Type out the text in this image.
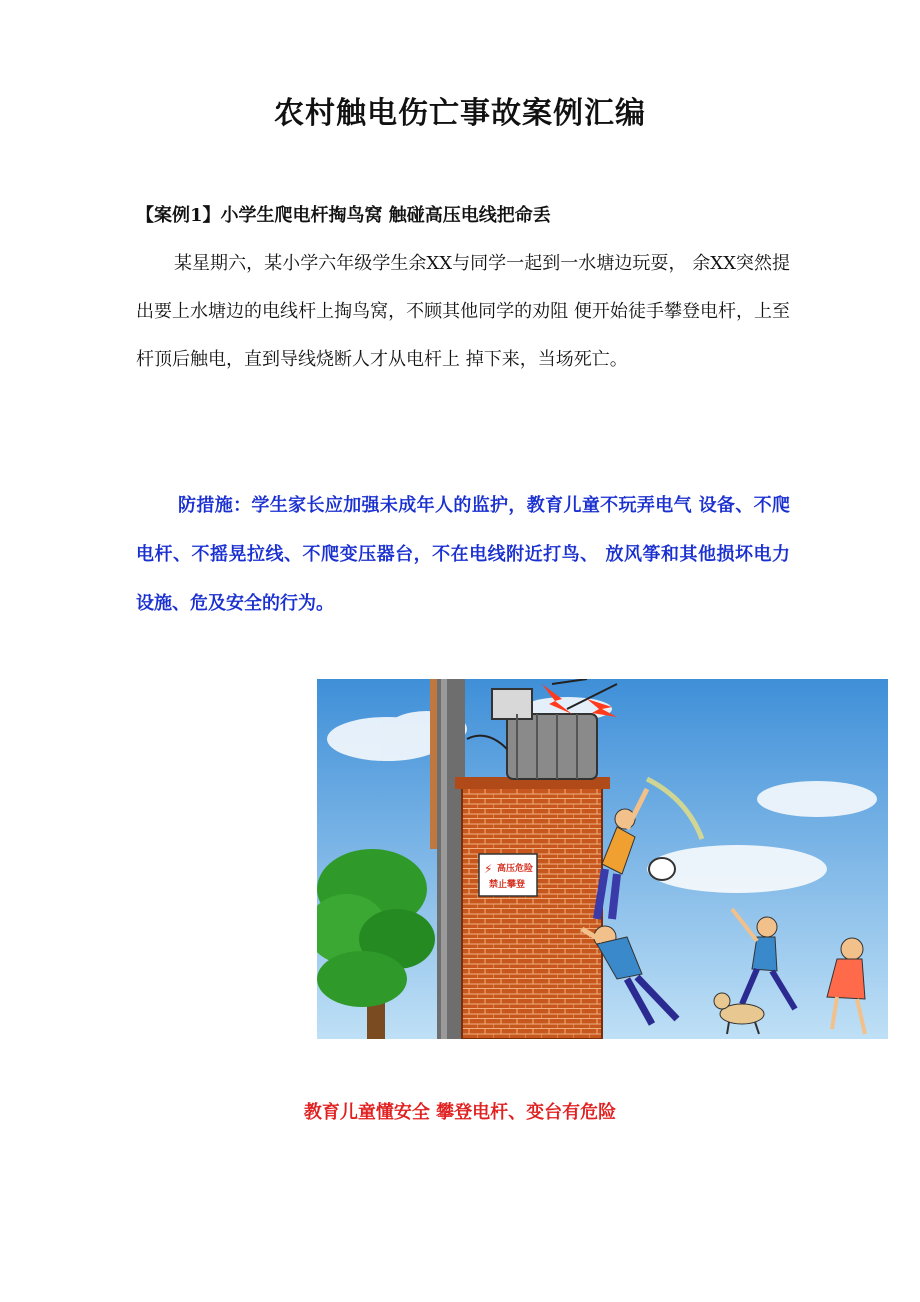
农村触电伤亡事故案例汇编
【案例1】小学生爬电杆掏鸟窝 触碰高压电线把命丢

某星期六，某小学六年级学生余XX与同学一起到一水塘边玩耍， 余XX突然提出要上水塘边的电线杆上掏鸟窝，不顾其他同学的劝阻 便开始徒手攀登电杆，上至杆顶后触电，直到导线烧断人才从电杆上 掉下来，当场死亡。

防措施：学生家长应加强未成年人的监护，教育儿童不玩弄电气 设备、不爬电杆、不摇晃拉线、不爬变压器台，不在电线附近打鸟、 放风筝和其他损坏电力设施、危及安全的行为。

⚡ 高压危险
禁止攀登
教育儿童懂安全 攀登电杆、变台有危险
